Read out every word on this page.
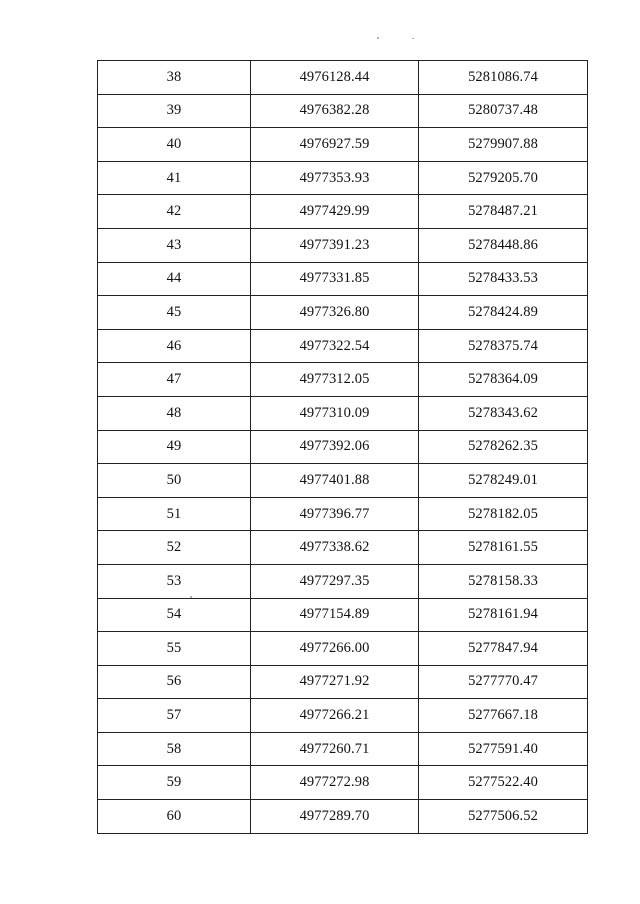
38	4976128.44	5281086.74
39	4976382.28	5280737.48
40	4976927.59	5279907.88
41	4977353.93	5279205.70
42	4977429.99	5278487.21
43	4977391.23	5278448.86
44	4977331.85	5278433.53
45	4977326.80	5278424.89
46	4977322.54	5278375.74
47	4977312.05	5278364.09
48	4977310.09	5278343.62
49	4977392.06	5278262.35
50	4977401.88	5278249.01
51	4977396.77	5278182.05
52	4977338.62	5278161.55
53	4977297.35	5278158.33
54	4977154.89	5278161.94
55	4977266.00	5277847.94
56	4977271.92	5277770.47
57	4977266.21	5277667.18
58	4977260.71	5277591.40
59	4977272.98	5277522.40
60	4977289.70	5277506.52
